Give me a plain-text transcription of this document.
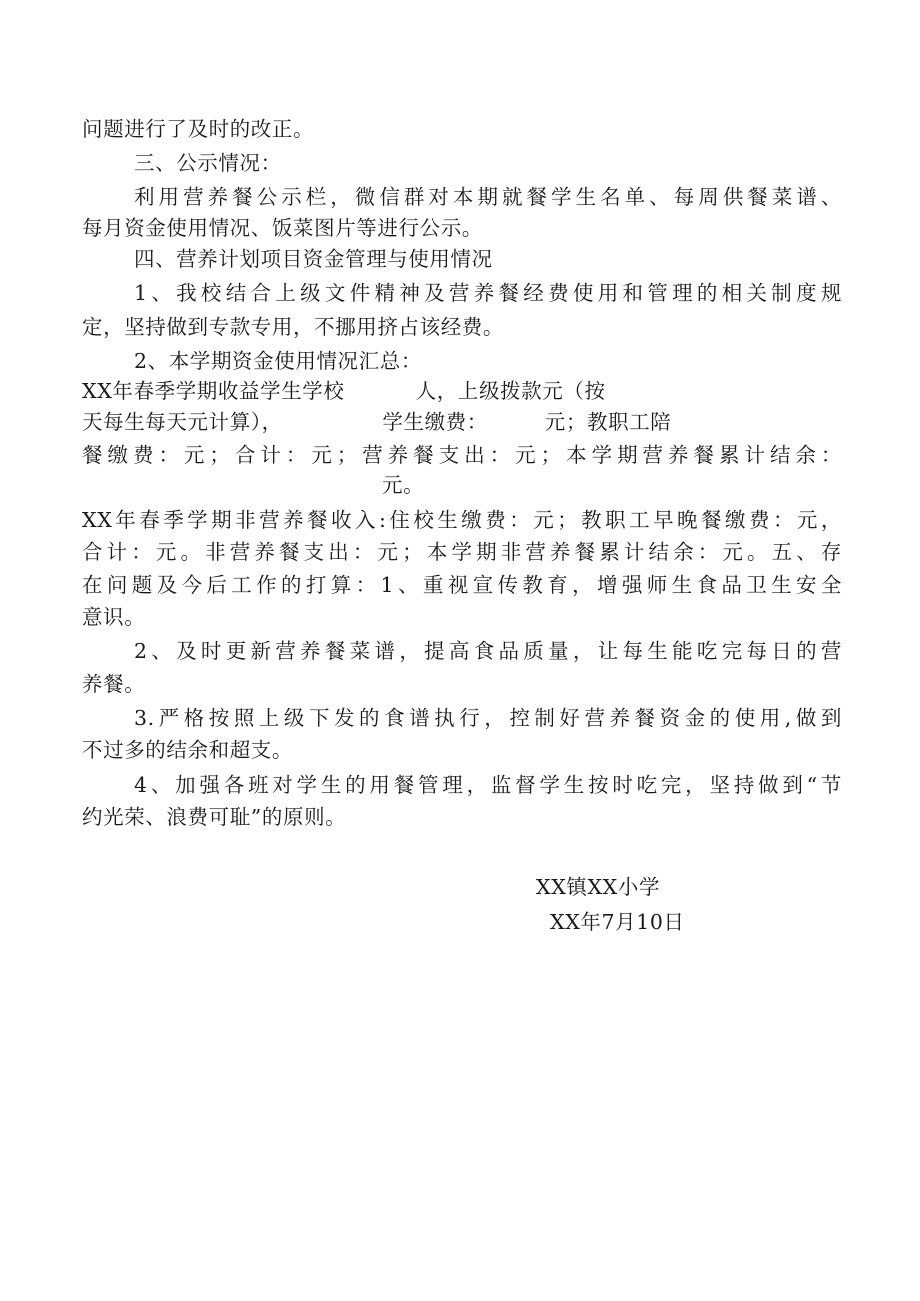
问题进行了及时的改正。
三、公示情况：
利用营养餐公示栏，微信群对本期就餐学生名单、每周供餐菜谱、
每月资金使用情况、饭菜图片等进行公示。
四、营养计划项目资金管理与使用情况
1、我校结合上级文件精神及营养餐经费使用和管理的相关制度规
定，坚持做到专款专用，不挪用挤占该经费。
2、本学期资金使用情况汇总：
XX年春季学期收益学生学校          人，上级拨款元（按
天每生每天元计算），              学生缴费：        元；教职工陪
餐缴费：元；合计：元；营养餐支出：元；本学期营养餐累计结余：
元。
XX年春季学期非营养餐收入:住校生缴费：元；教职工早晚餐缴费：元，
合计：元。非营养餐支出：元；本学期非营养餐累计结余：元。五、存
在问题及今后工作的打算：1、重视宣传教育，增强师生食品卫生安全
意识。
2、及时更新营养餐菜谱，提高食品质量，让每生能吃完每日的营
养餐。
3.严格按照上级下发的食谱执行，控制好营养餐资金的使用,做到
不过多的结余和超支。
4、加强各班对学生的用餐管理，监督学生按时吃完，坚持做到“节
约光荣、浪费可耻”的原则。
XX镇XX小学
XX年7月10日
